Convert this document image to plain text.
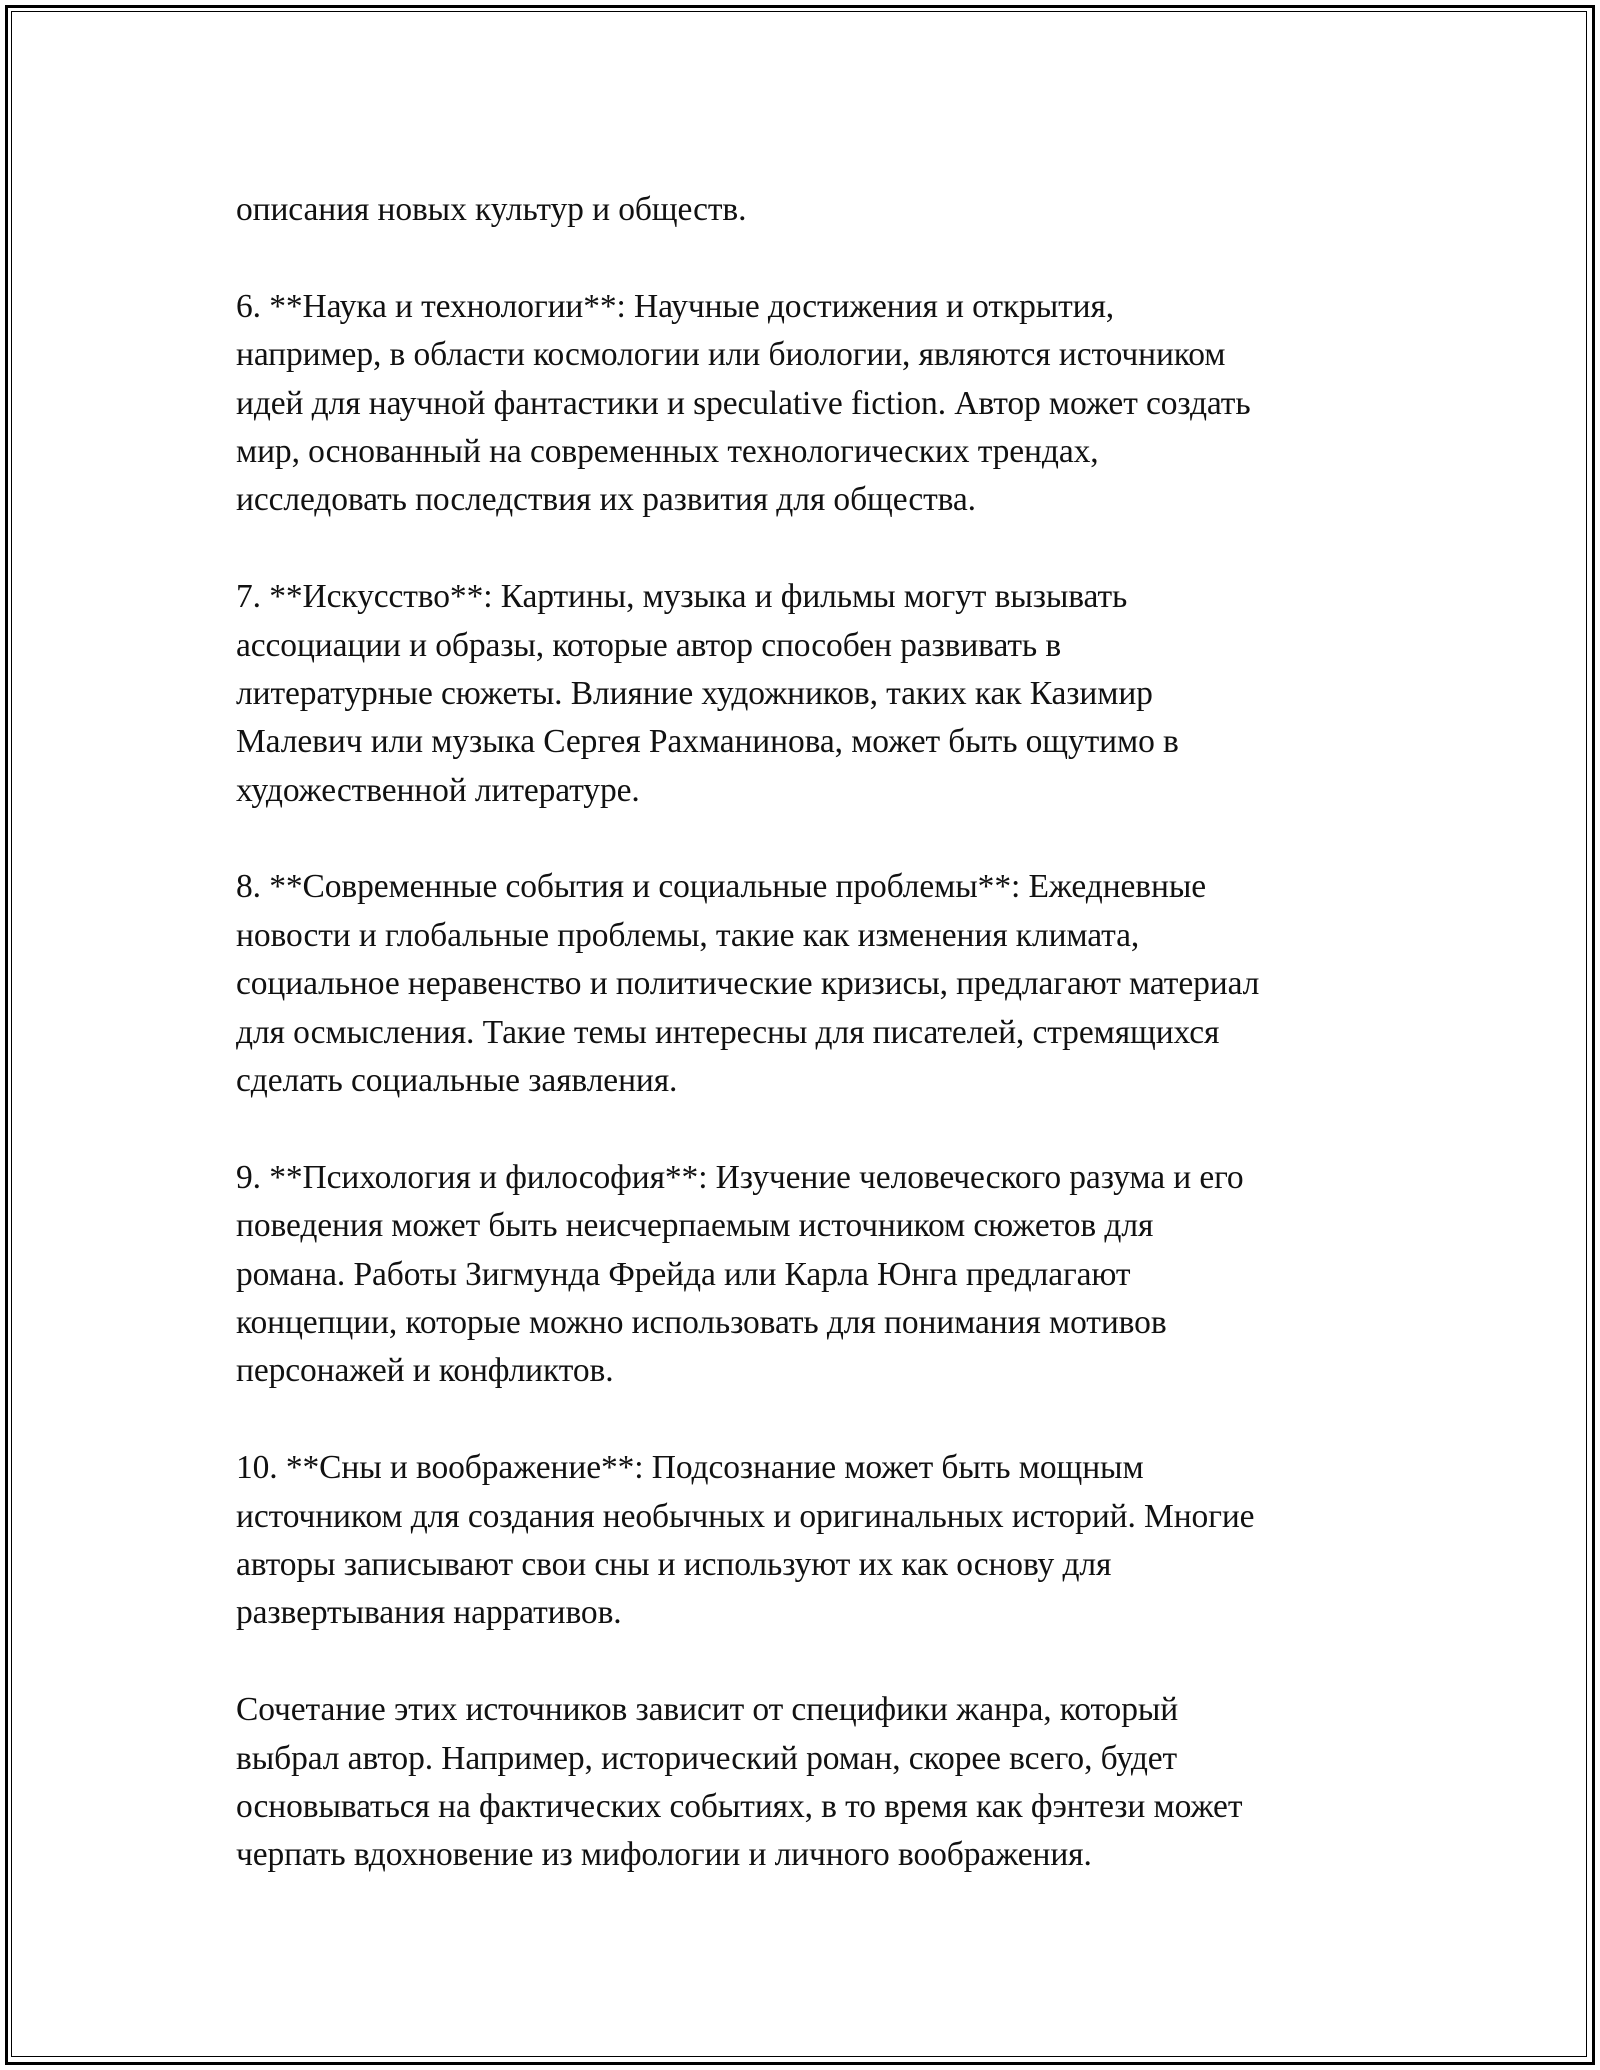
описания новых культур и обществ.
6. **Наука и технологии**: Научные достижения и открытия,
например, в области космологии или биологии, являются источником
идей для научной фантастики и speculative fiction. Автор может создать
мир, основанный на современных технологических трендах,
исследовать последствия их развития для общества.
7. **Искусство**: Картины, музыка и фильмы могут вызывать
ассоциации и образы, которые автор способен развивать в
литературные сюжеты. Влияние художников, таких как Казимир
Малевич или музыка Сергея Рахманинова, может быть ощутимо в
художественной литературе.
8. **Современные события и социальные проблемы**: Ежедневные
новости и глобальные проблемы, такие как изменения климата,
социальное неравенство и политические кризисы, предлагают материал
для осмысления. Такие темы интересны для писателей, стремящихся
сделать социальные заявления.
9. **Психология и философия**: Изучение человеческого разума и его
поведения может быть неисчерпаемым источником сюжетов для
романа. Работы Зигмунда Фрейда или Карла Юнга предлагают
концепции, которые можно использовать для понимания мотивов
персонажей и конфликтов.
10. **Сны и воображение**: Подсознание может быть мощным
источником для создания необычных и оригинальных историй. Многие
авторы записывают свои сны и используют их как основу для
развертывания нарративов.
Сочетание этих источников зависит от специфики жанра, который
выбрал автор. Например, исторический роман, скорее всего, будет
основываться на фактических событиях, в то время как фэнтези может
черпать вдохновение из мифологии и личного воображения.
